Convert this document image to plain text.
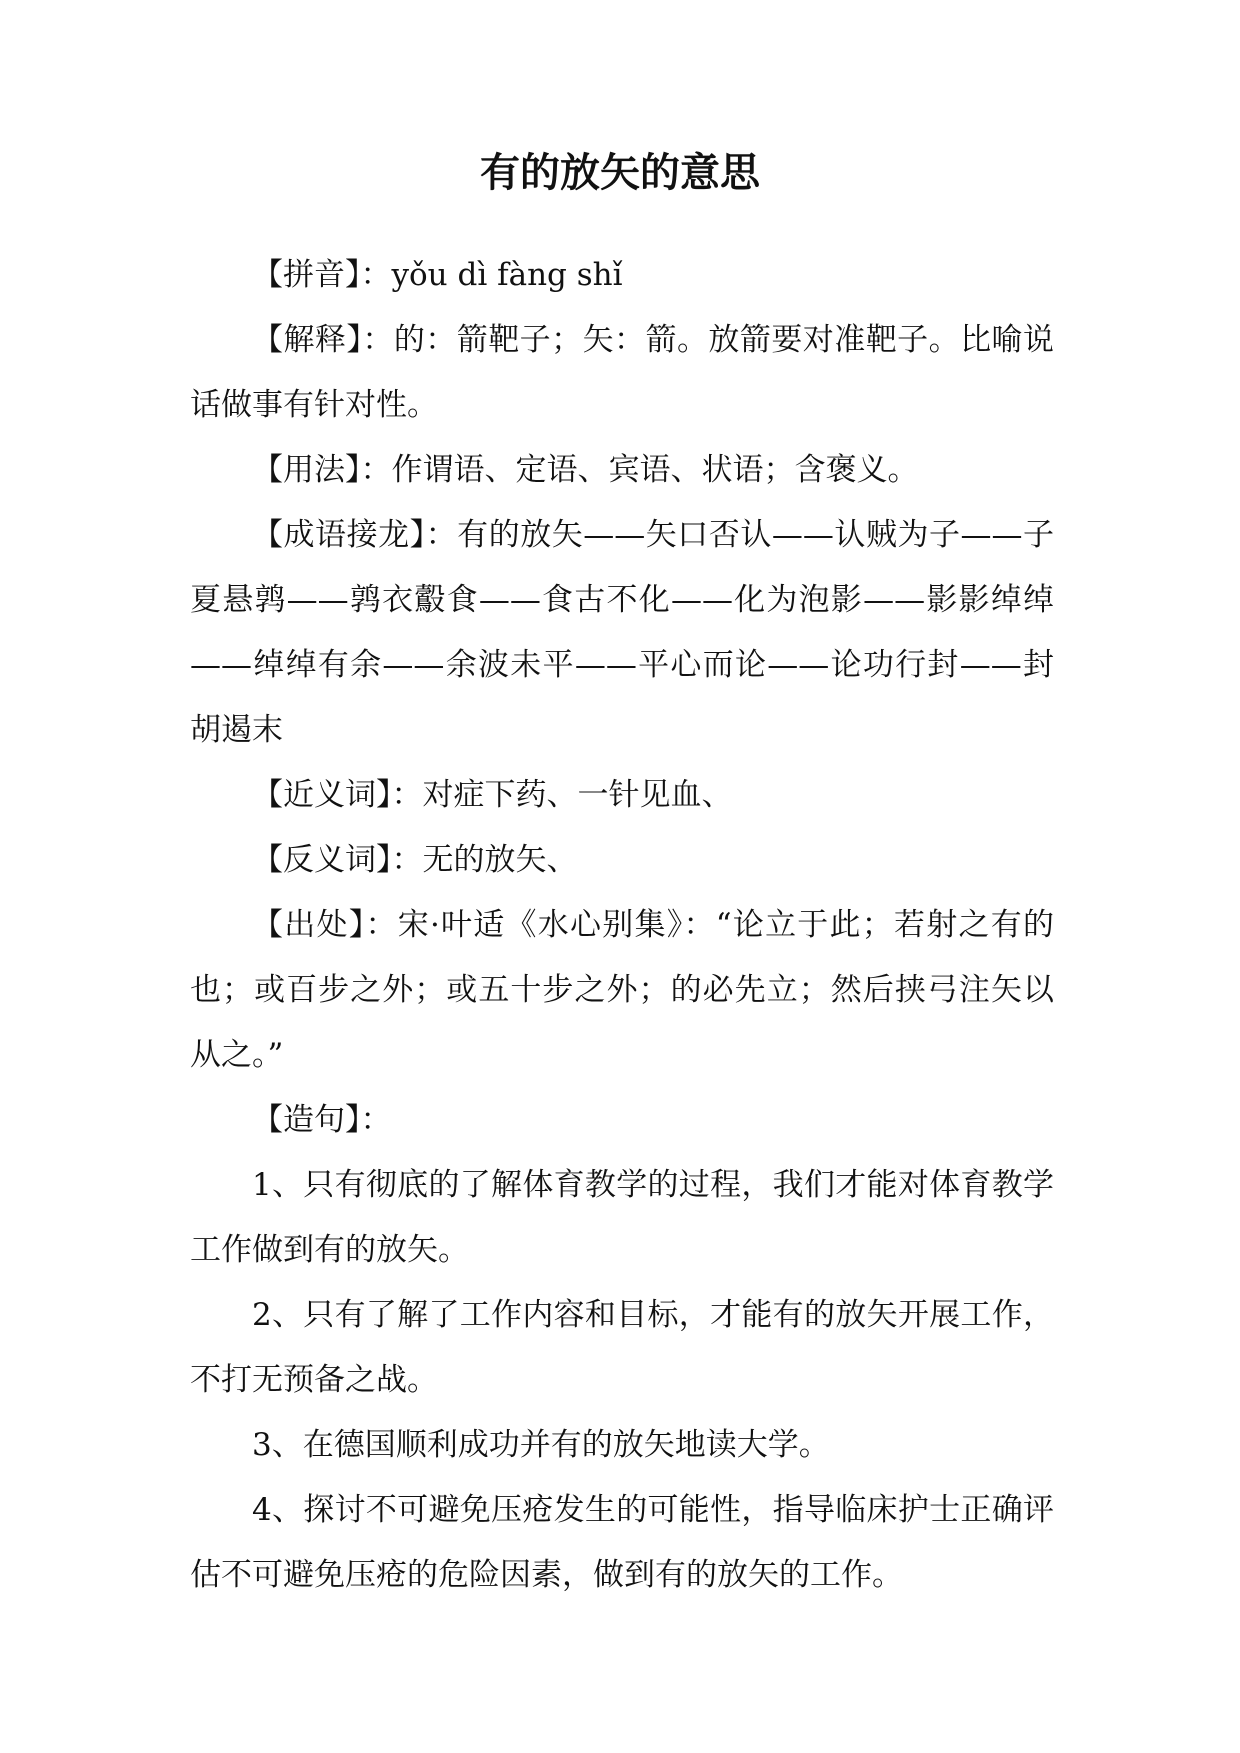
有的放矢的意思

【拼音】：yǒu dì fàng shǐ

【解释】：的：箭靶子；矢：箭。放箭要对准靶子。比喻说话做事有针对性。

【用法】：作谓语、定语、宾语、状语；含褒义。

【成语接龙】：有的放矢——矢口否认——认贼为子——子夏悬鹑——鹑衣鷇食——食古不化——化为泡影——影影绰绰——绰绰有余——余波未平——平心而论——论功行封——封胡遏末

【近义词】：对症下药、一针见血、

【反义词】：无的放矢、

【出处】：宋·叶适《水心别集》：“论立于此；若射之有的也；或百步之外；或五十步之外；的必先立；然后挟弓注矢以从之。”

【造句】：

1、只有彻底的了解体育教学的过程，我们才能对体育教学工作做到有的放矢。

2、只有了解了工作内容和目标，才能有的放矢开展工作，不打无预备之战。

3、在德国顺利成功并有的放矢地读大学。

4、探讨不可避免压疮发生的可能性，指导临床护士正确评估不可避免压疮的危险因素，做到有的放矢的工作。
